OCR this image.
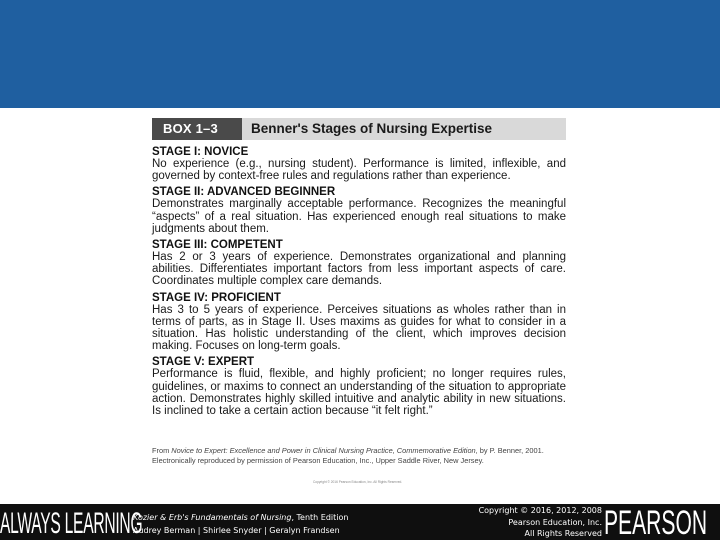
BOX 1–3	Benner's Stages of Nursing Expertise
STAGE I: NOVICE
No experience (e.g., nursing student). Performance is limited, inflexible, and governed by context-free rules and regulations rather than experience.
STAGE II: ADVANCED BEGINNER
Demonstrates marginally acceptable performance. Recognizes the meaningful “aspects” of a real situation. Has experienced enough real situations to make judgments about them.
STAGE III: COMPETENT
Has 2 or 3 years of experience. Demonstrates organizational and planning abilities. Differentiates important factors from less important aspects of care. Coordinates multiple complex care demands.
STAGE IV: PROFICIENT
Has 3 to 5 years of experience. Perceives situations as wholes rather than in terms of parts, as in Stage II. Uses maxims as guides for what to consider in a situation. Has holistic understanding of the client, which improves decision making. Focuses on long-term goals.
STAGE V: EXPERT
Performance is fluid, flexible, and highly proficient; no longer requires rules, guidelines, or maxims to connect an understanding of the situation to appropriate action. Demonstrates highly skilled intuitive and analytic ability in new situations. Is inclined to take a certain action because “it felt right.”
From Novice to Expert: Excellence and Power in Clinical Nursing Practice, Commemorative Edition, by P. Benner, 2001. Electronically reproduced by permission of Pearson Education, Inc., Upper Saddle River, New Jersey.
Copyright © 2016 Pearson Education, Inc. All Rights Reserved.
ALWAYS LEARNING
Kozier & Erb's Fundamentals of Nursing, Tenth Edition
Audrey Berman | Shirlee Snyder | Geralyn Frandsen
Copyright © 2016, 2012, 2008
Pearson Education, Inc.
All Rights Reserved PEARSON
